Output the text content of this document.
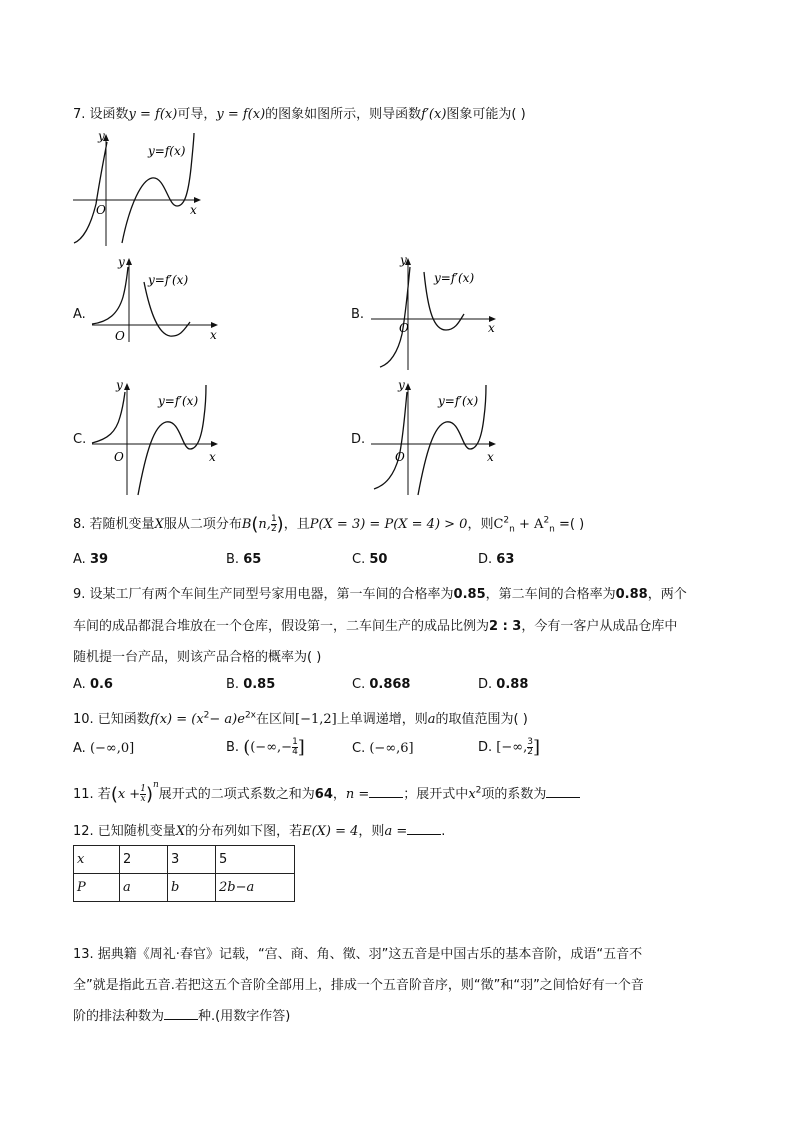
7. 设函数y = f(x)可导，y = f(x)的图象如图所示，则导函数f′(x)图象可能为( )
y
y=f(x)
O	x
A.
y
y=f′(x)
O	x
B.
y
y=f′(x)
O	x
C.
y
y=f′(x)
O	x
D.
y
y=f′(x)
O	x
8. 若随机变量X服从二项分布B(n, $\frac{1}{2}$ )，且P(X = 3) = P(X = 4) > 0，则$C^2_n + A^2_n$ =( )
A. 39	B. 65	C. 50	D. 63
9. 设某工厂有两个车间生产同型号家用电器，第一车间的合格率为0.85，第二车间的合格率为0.88，两个
车间的成品都混合堆放在一个仓库，假设第一，二车间生产的成品比例为2 : 3，今有一客户从成品仓库中
随机提一台产品，则该产品合格的概率为( )
A. 0.6	B. 0.85	C. 0.868	D. 0.88
10. 已知函数$f(x) = (x^2- a)e^{2x}$在区间[−1,2]上单调递增，则a的取值范围为( )
A. (−∞,0]	B. ((−∞,− $\frac{1}{4}$ ]	C. (−∞,6]	D. [−∞, $\frac{3}{2}$ ]
11. 若$(x + \frac{1}{x} )^n$展开式的二项式系数之和为64，n =	；展开式中$x^2$项的系数为
12. 已知随机变量X的分布列如下图，若E(X) = 4，则a =	.
x	2	3	5
P	a	b	2b−a
13. 据典籍《周礼·春官》记载，“宫、商、角、徵、羽”这五音是中国古乐的基本音阶，成语“五音不
全”就是指此五音.若把这五个音阶全部用上，排成一个五音阶音序，则“徵”和“羽”之间恰好有一个音
阶的排法种数为	种.(用数字作答)
